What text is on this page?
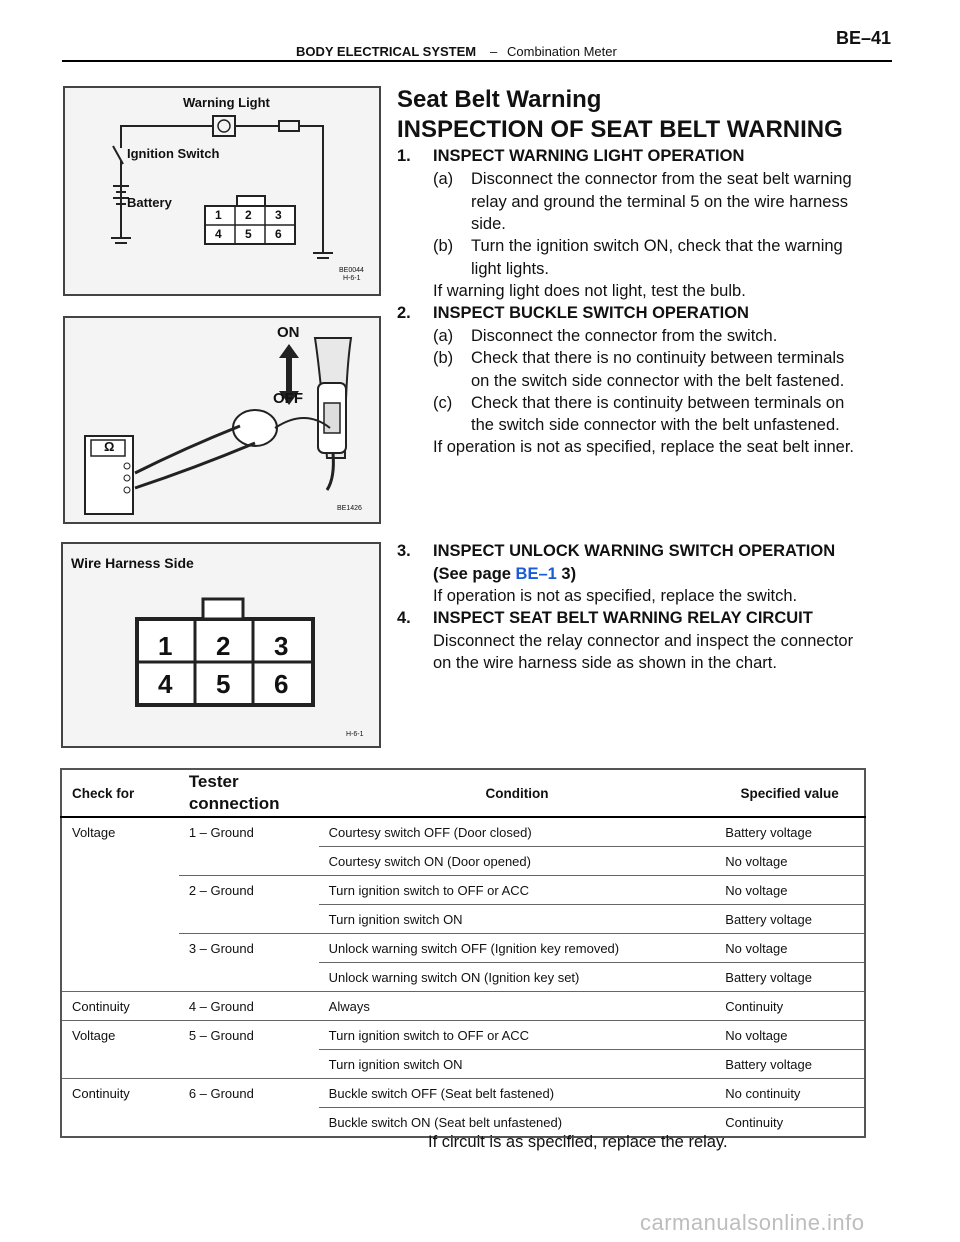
BODY ELECTRICAL SYSTEM – Combination Meter
BE–41
Warning Light
Ignition Switch
Battery
1 2 3
4 5 6
BE0044
H-6-1
ON
OFF
Ω
BE1426
Wire Harness Side
1 2 3
4 5 6
H-6-1
Seat Belt Warning
INSPECTION OF SEAT BELT WARNING
1. INSPECT WARNING LIGHT OPERATION
(a) Disconnect the connector from the seat belt warning
relay and ground the terminal 5 on the wire harness
side.
(b) Turn the ignition switch ON, check that the warning
light lights.
If warning light does not light, test the bulb.
2. INSPECT BUCKLE SWITCH OPERATION
(a) Disconnect the connector from the switch.
(b) Check that there is no continuity between terminals
on the switch side connector with the belt fastened.
(c) Check that there is continuity between terminals on
the switch side connector with the belt unfastened.
If operation is not as specified, replace the seat belt inner.
3. INSPECT UNLOCK WARNING SWITCH OPERATION
(See page BE–1 3)
If operation is not as specified, replace the switch.
4. INSPECT SEAT BELT WARNING RELAY CIRCUIT
Disconnect the relay connector and inspect the connector
on the wire harness side as shown in the chart.
Check for	Tester
connection	Condition	Specified value
Voltage	1 – Ground	Courtesy switch OFF (Door closed)	Battery voltage
		Courtesy switch ON (Door opened)	No voltage
	2 – Ground	Turn ignition switch to OFF or ACC	No voltage
		Turn ignition switch ON	Battery voltage
	3 – Ground	Unlock warning switch OFF (Ignition key removed)	No voltage
		Unlock warning switch ON (Ignition key set)	Battery voltage
Continuity	4 – Ground	Always	Continuity
Voltage	5 – Ground	Turn ignition switch to OFF or ACC	No voltage
		Turn ignition switch ON	Battery voltage
Continuity	6 – Ground	Buckle switch OFF (Seat belt fastened)	No continuity
		Buckle switch ON (Seat belt unfastened)	Continuity
If circuit is as specified, replace the relay.
carmanualsonline.info
